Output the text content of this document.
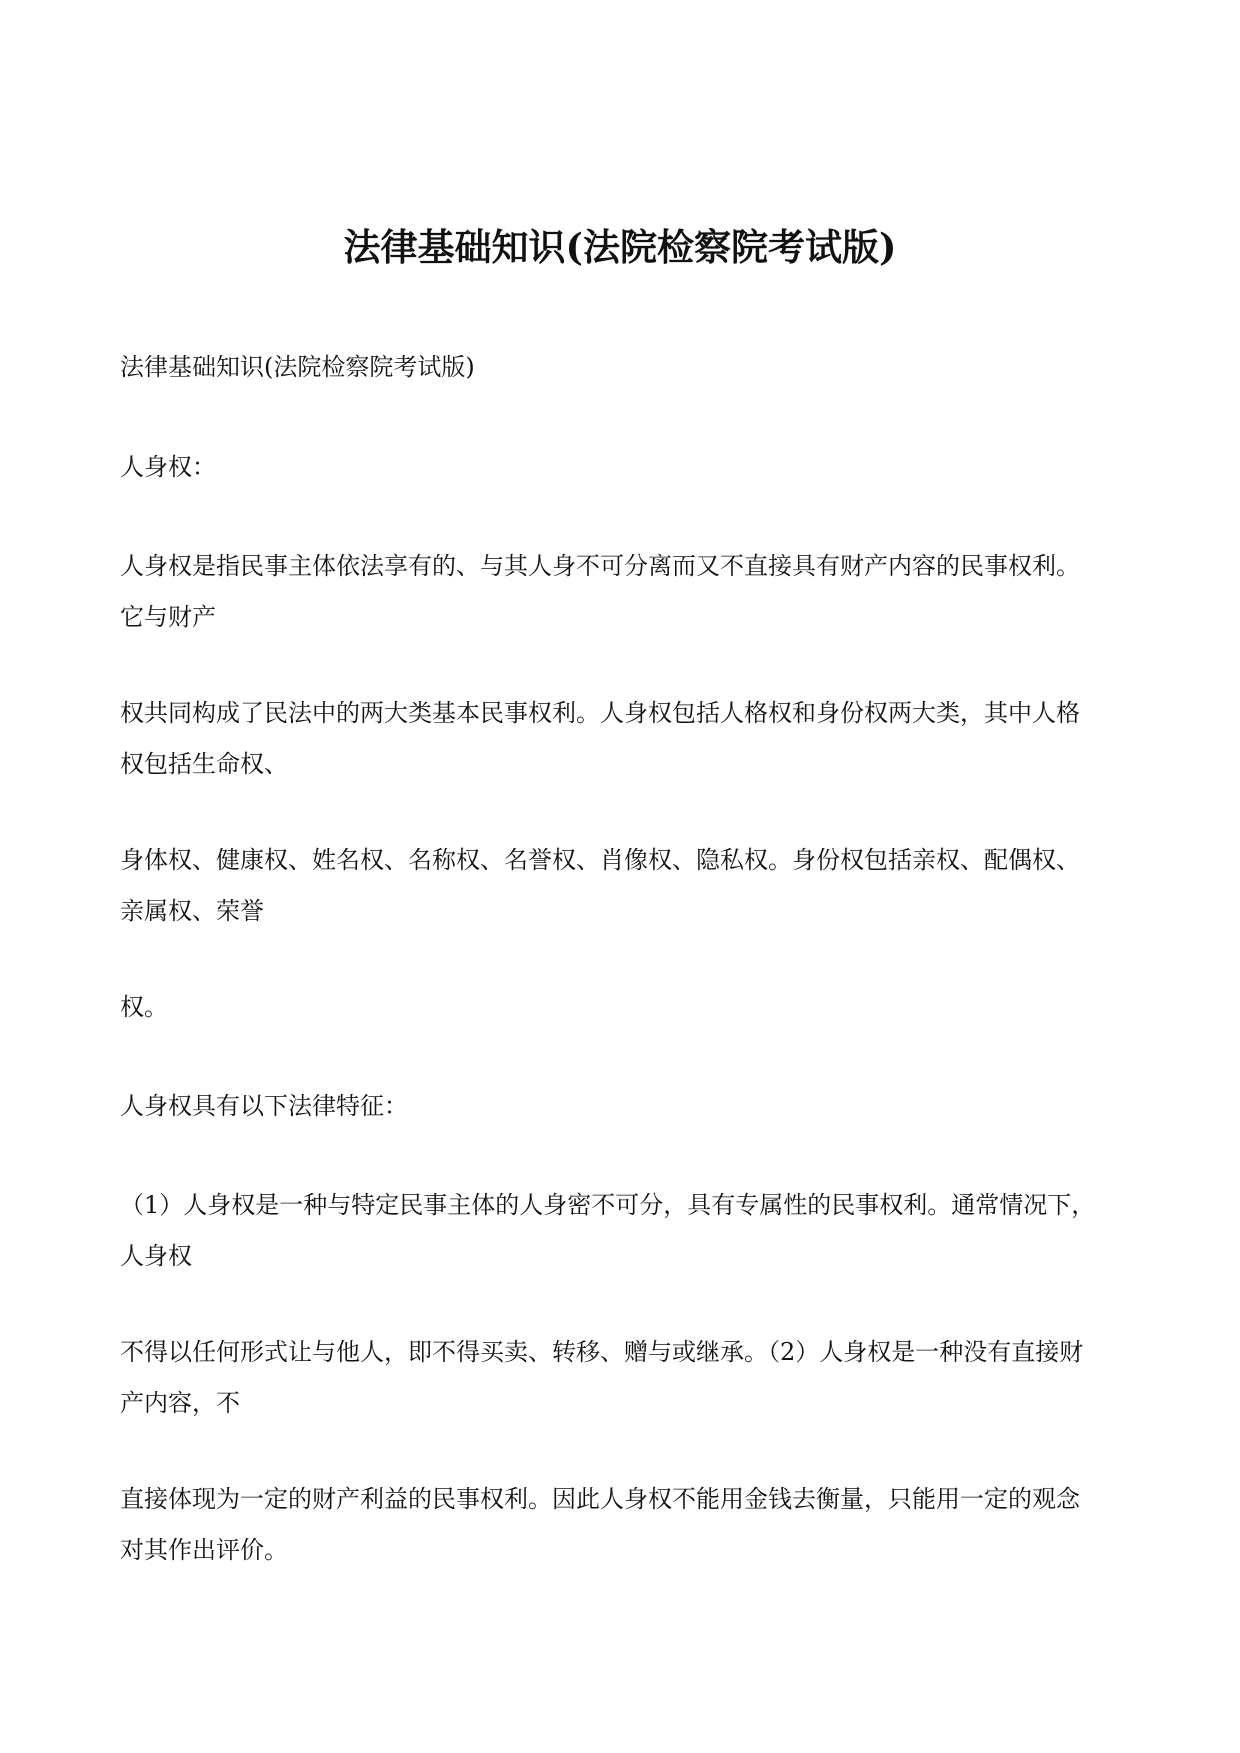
法律基础知识(法院检察院考试版)
法律基础知识(法院检察院考试版)
人身权：
人身权是指民事主体依法享有的、与其人身不可分离而又不直接具有财产内容的民事权利。
它与财产
权共同构成了民法中的两大类基本民事权利。人身权包括人格权和身份权两大类，其中人格
权包括生命权、
身体权、健康权、姓名权、名称权、名誉权、肖像权、隐私权。身份权包括亲权、配偶权、
亲属权、荣誉
权。
人身权具有以下法律特征：
（1）人身权是一种与特定民事主体的人身密不可分，具有专属性的民事权利。通常情况下，
人身权
不得以任何形式让与他人，即不得买卖、转移、赠与或继承。（2）人身权是一种没有直接财
产内容，不
直接体现为一定的财产利益的民事权利。因此人身权不能用金钱去衡量，只能用一定的观念
对其作出评价。
